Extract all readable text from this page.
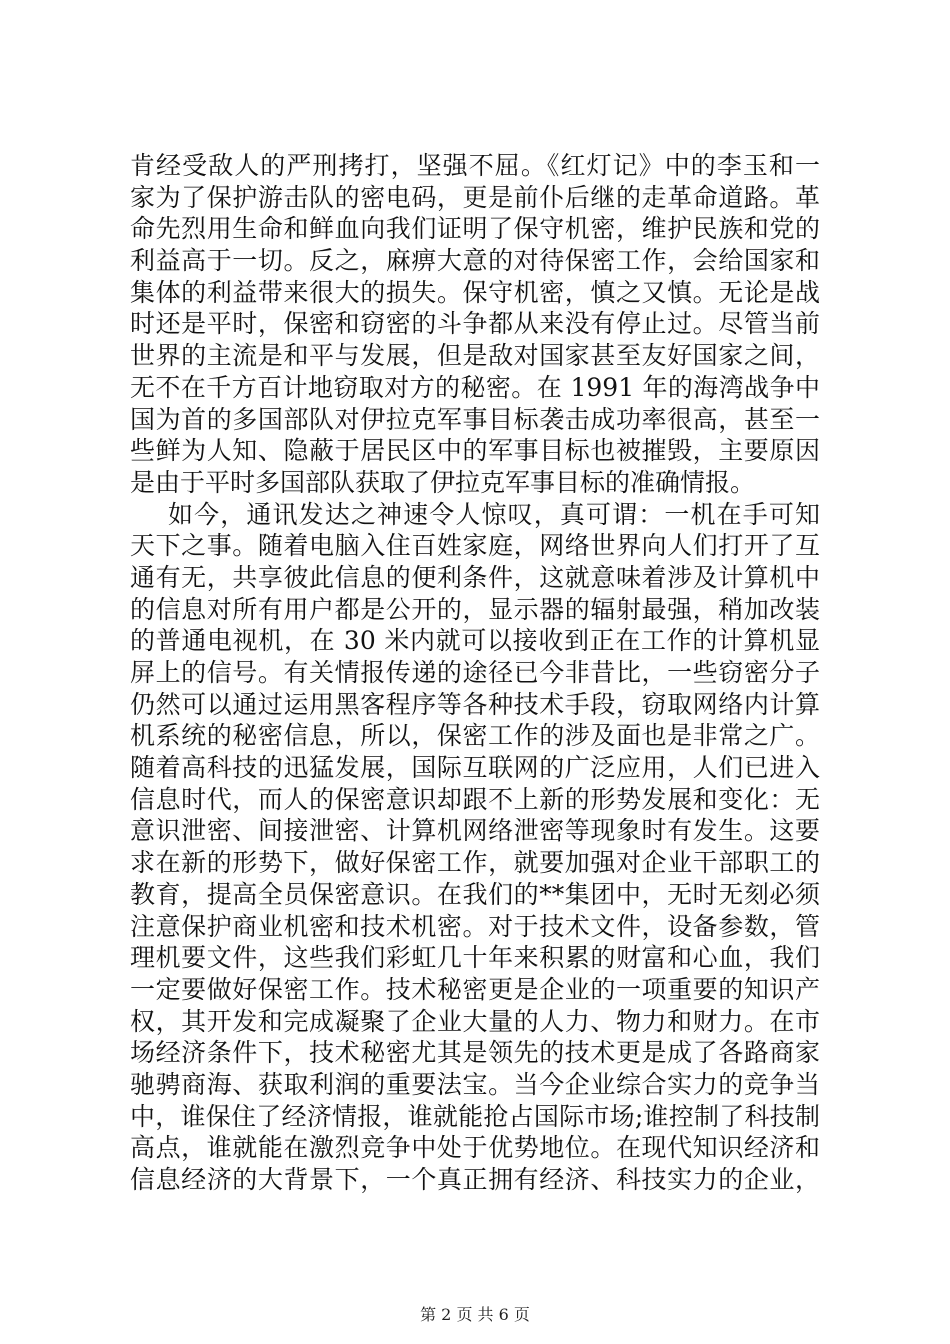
肯经受敌人的严刑拷打，坚强不屈。《红灯记》中的李玉和一
家为了保护游击队的密电码，更是前仆后继的走革命道路。革
命先烈用生命和鲜血向我们证明了保守机密，维护民族和党的
利益高于一切。反之，麻痹大意的对待保密工作，会给国家和
集体的利益带来很大的损失。保守机密，慎之又慎。无论是战
时还是平时，保密和窃密的斗争都从来没有停止过。尽管当前
世界的主流是和平与发展，但是敌对国家甚至友好国家之间，
无不在千方百计地窃取对方的秘密。在 1991 年的海湾战争中
国为首的多国部队对伊拉克军事目标袭击成功率很高，甚至一
些鲜为人知、隐蔽于居民区中的军事目标也被摧毁，主要原因
是由于平时多国部队获取了伊拉克军事目标的准确情报。
如今，通讯发达之神速令人惊叹，真可谓：一机在手可知
天下之事。随着电脑入住百姓家庭，网络世界向人们打开了互
通有无，共享彼此信息的便利条件，这就意味着涉及计算机中
的信息对所有用户都是公开的，显示器的辐射最强，稍加改装
的普通电视机，在 30 米内就可以接收到正在工作的计算机显
屏上的信号。有关情报传递的途径已今非昔比，一些窃密分子
仍然可以通过运用黑客程序等各种技术手段，窃取网络内计算
机系统的秘密信息，所以，保密工作的涉及面也是非常之广。
随着高科技的迅猛发展，国际互联网的广泛应用，人们已进入
信息时代，而人的保密意识却跟不上新的形势发展和变化：无
意识泄密、间接泄密、计算机网络泄密等现象时有发生。这要
求在新的形势下，做好保密工作，就要加强对企业干部职工的
教育，提高全员保密意识。在我们的**集团中，无时无刻必须
注意保护商业机密和技术机密。对于技术文件，设备参数，管
理机要文件，这些我们彩虹几十年来积累的财富和心血，我们
一定要做好保密工作。技术秘密更是企业的一项重要的知识产
权，其开发和完成凝聚了企业大量的人力、物力和财力。在市
场经济条件下，技术秘密尤其是领先的技术更是成了各路商家
驰骋商海、获取利润的重要法宝。当今企业综合实力的竞争当
中，谁保住了经济情报，谁就能抢占国际市场;谁控制了科技制
高点，谁就能在激烈竞争中处于优势地位。在现代知识经济和
信息经济的大背景下，一个真正拥有经济、科技实力的企业，
第 2 页 共 6 页
